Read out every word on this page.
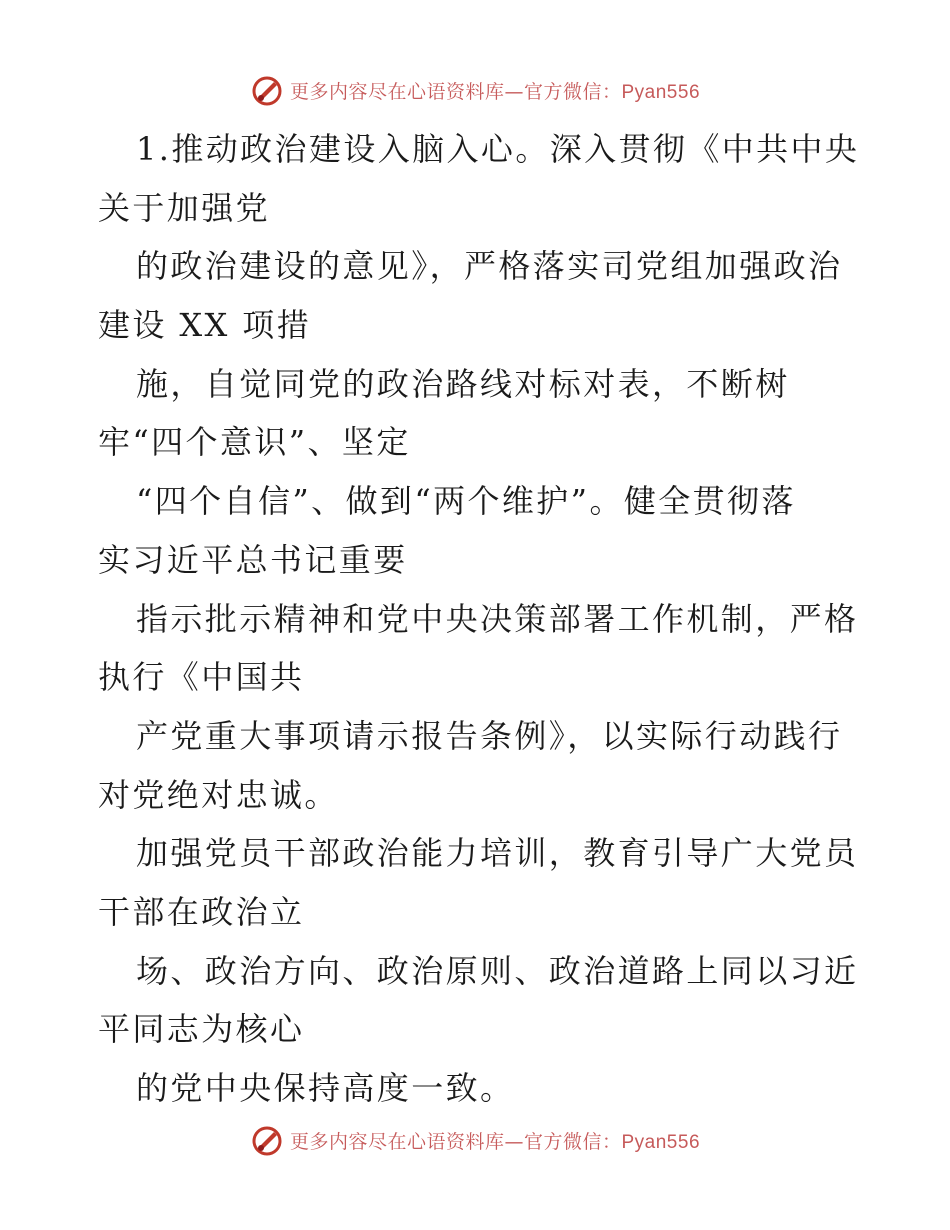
更多内容尽在心语资料库—官方微信：Pyan556
1.推动政治建设入脑入心。深入贯彻《中共中央
关于加强党
的政治建设的意见》，严格落实司党组加强政治
建设 XX 项措
施，自觉同党的政治路线对标对表，不断树
牢“四个意识”、坚定
“四个自信”、做到“两个维护”。健全贯彻落
实习近平总书记重要
指示批示精神和党中央决策部署工作机制，严格
执行《中国共
产党重大事项请示报告条例》，以实际行动践行
对党绝对忠诚。
加强党员干部政治能力培训，教育引导广大党员
干部在政治立
场、政治方向、政治原则、政治道路上同以习近
平同志为核心
的党中央保持高度一致。
更多内容尽在心语资料库—官方微信：Pyan556
